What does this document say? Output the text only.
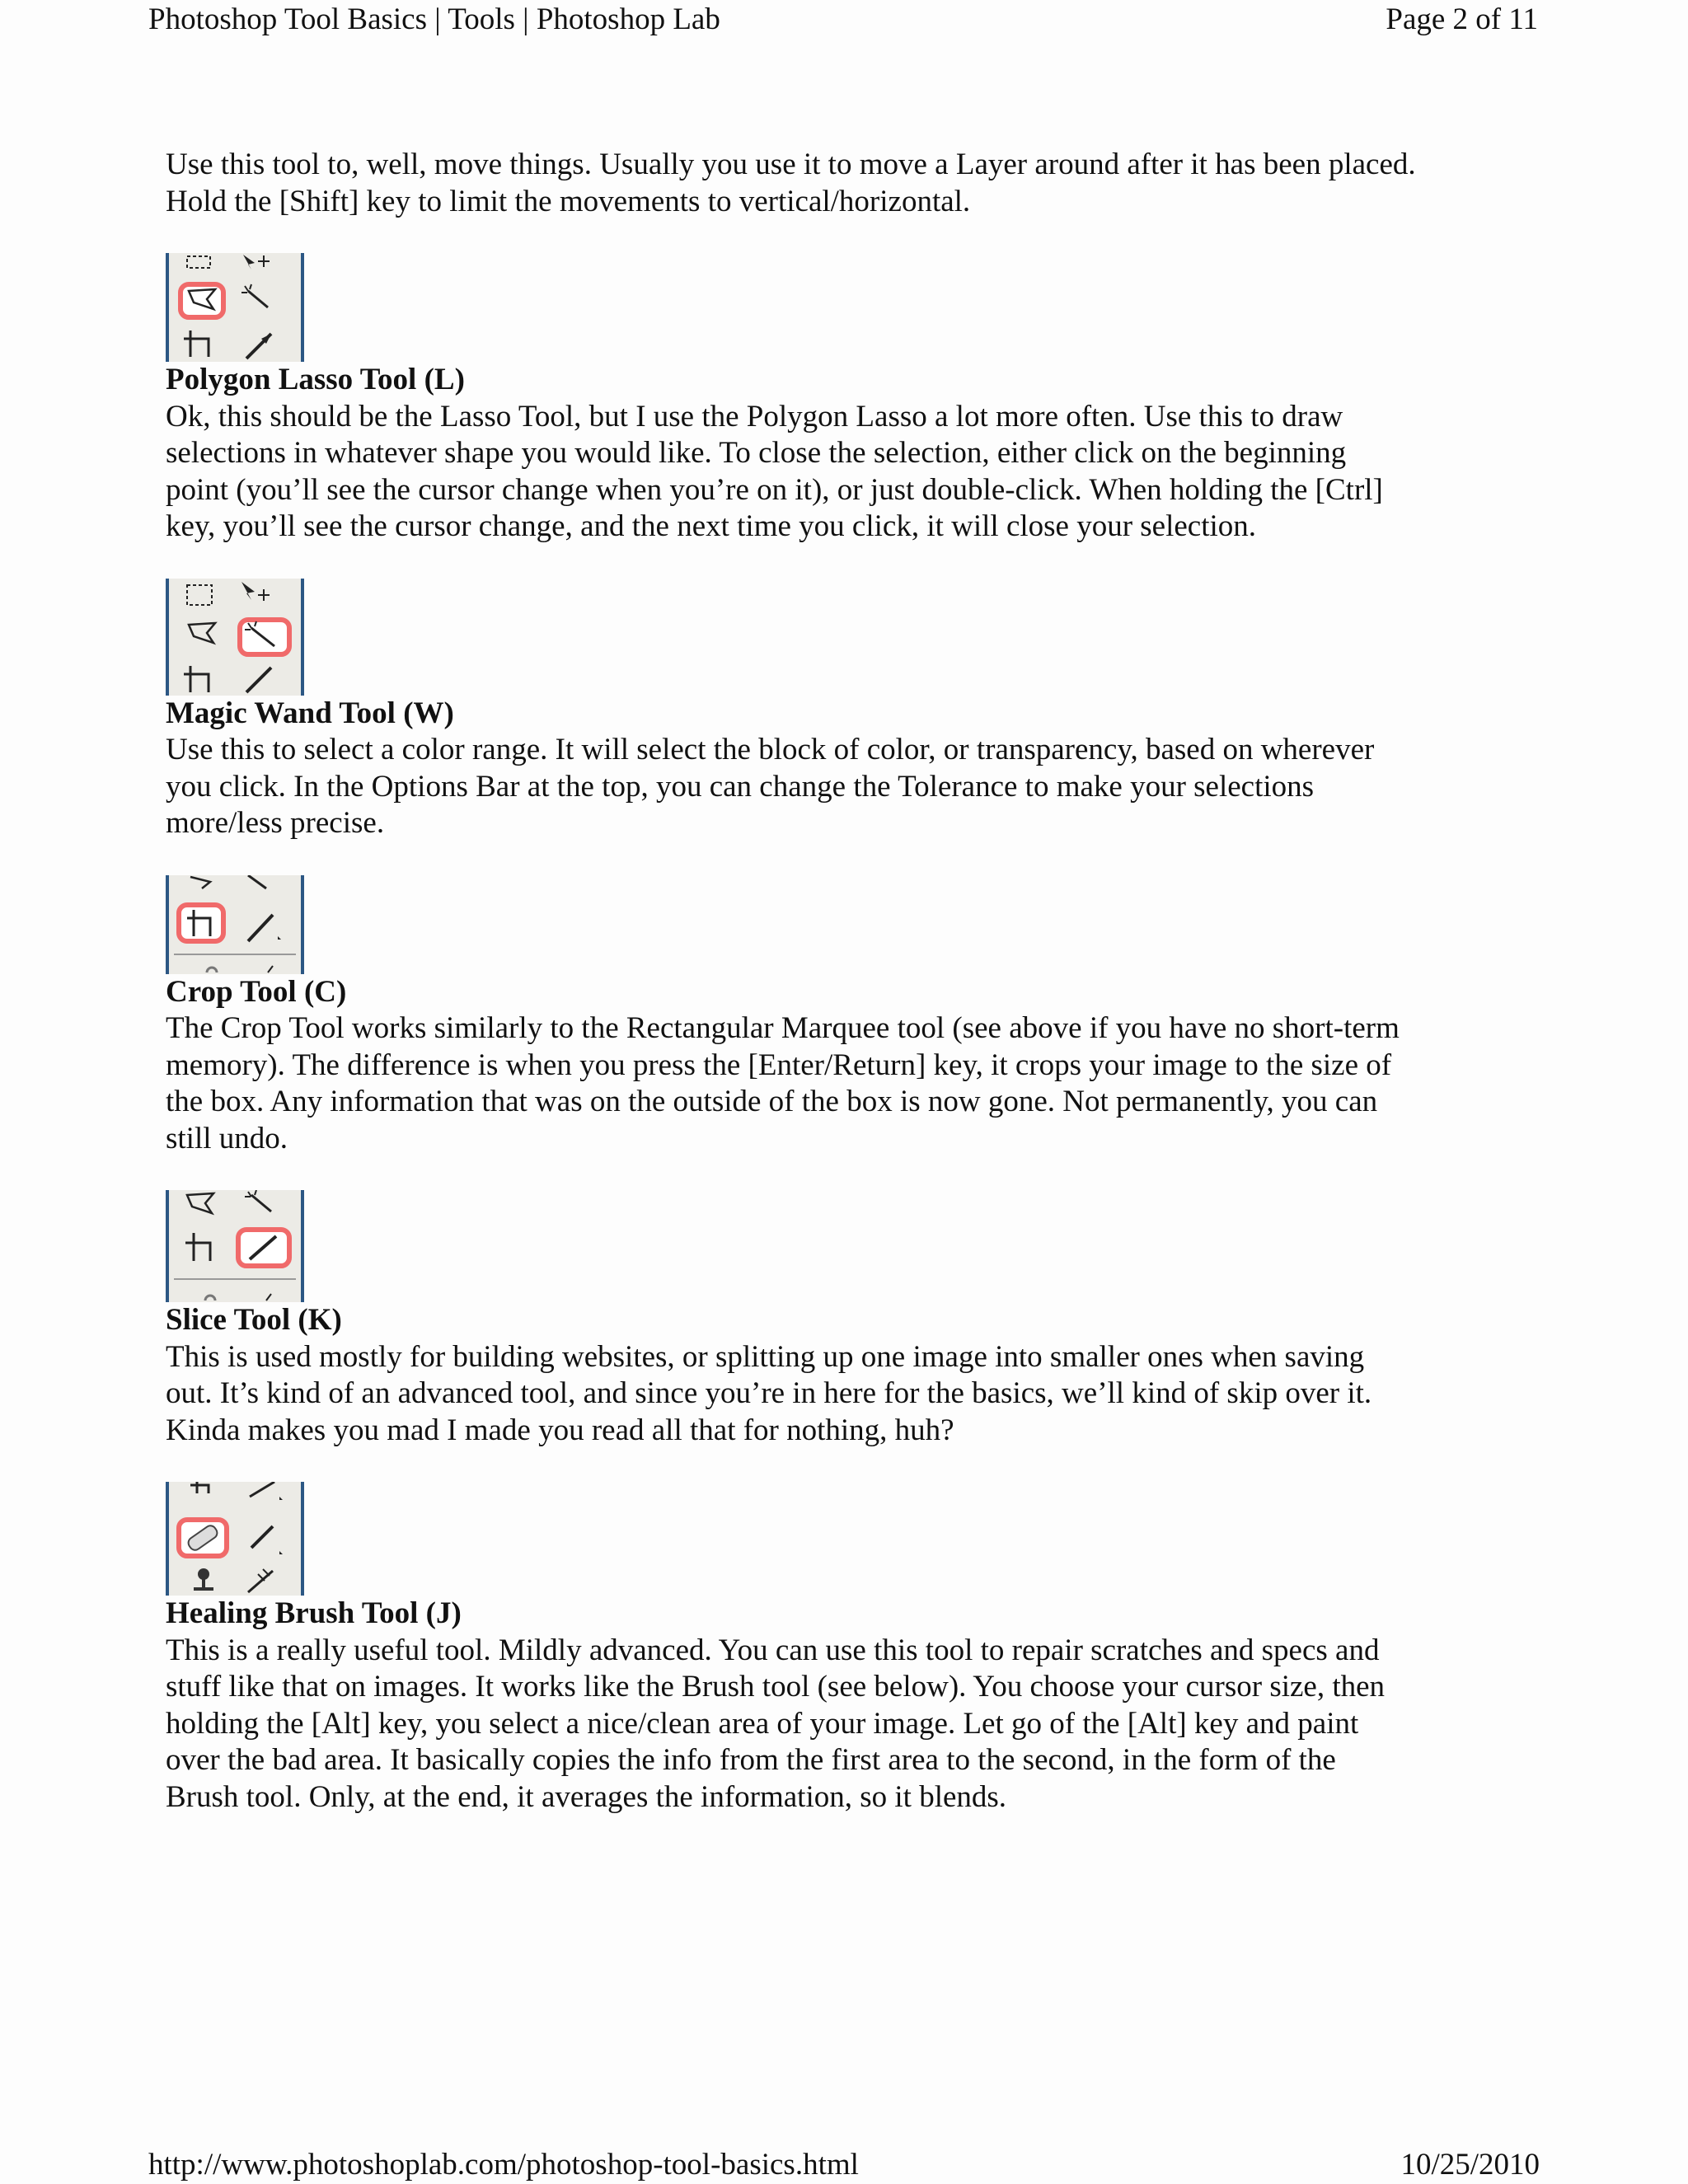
Photoshop Tool Basics | Tools | Photoshop Lab	Page 2 of 11

Use this tool to, well, move things. Usually you use it to move a Layer around after it has been placed.

Hold the [Shift] key to limit the movements to vertical/horizontal.

Polygon Lasso Tool (L)

Ok, this should be the Lasso Tool, but I use the Polygon Lasso a lot more often. Use this to draw

selections in whatever shape you would like. To close the selection, either click on the beginning

point (you’ll see the cursor change when you’re on it), or just double-click. When holding the [Ctrl]

key, you’ll see the cursor change, and the next time you click, it will close your selection.

Magic Wand Tool (W)

Use this to select a color range. It will select the block of color, or transparency, based on wherever

you click. In the Options Bar at the top, you can change the Tolerance to make your selections

more/less precise.

Crop Tool (C)

The Crop Tool works similarly to the Rectangular Marquee tool (see above if you have no short-term

memory). The difference is when you press the [Enter/Return] key, it crops your image to the size of

the box. Any information that was on the outside of the box is now gone. Not permanently, you can

still undo.

Slice Tool (K)

This is used mostly for building websites, or splitting up one image into smaller ones when saving

out. It’s kind of an advanced tool, and since you’re in here for the basics, we’ll kind of skip over it.

Kinda makes you mad I made you read all that for nothing, huh?

Healing Brush Tool (J)

This is a really useful tool. Mildly advanced. You can use this tool to repair scratches and specs and

stuff like that on images. It works like the Brush tool (see below). You choose your cursor size, then

holding the [Alt] key, you select a nice/clean area of your image. Let go of the [Alt] key and paint

over the bad area. It basically copies the info from the first area to the second, in the form of the

Brush tool. Only, at the end, it averages the information, so it blends.

http://www.photoshoplab.com/photoshop-tool-basics.html	10/25/2010
